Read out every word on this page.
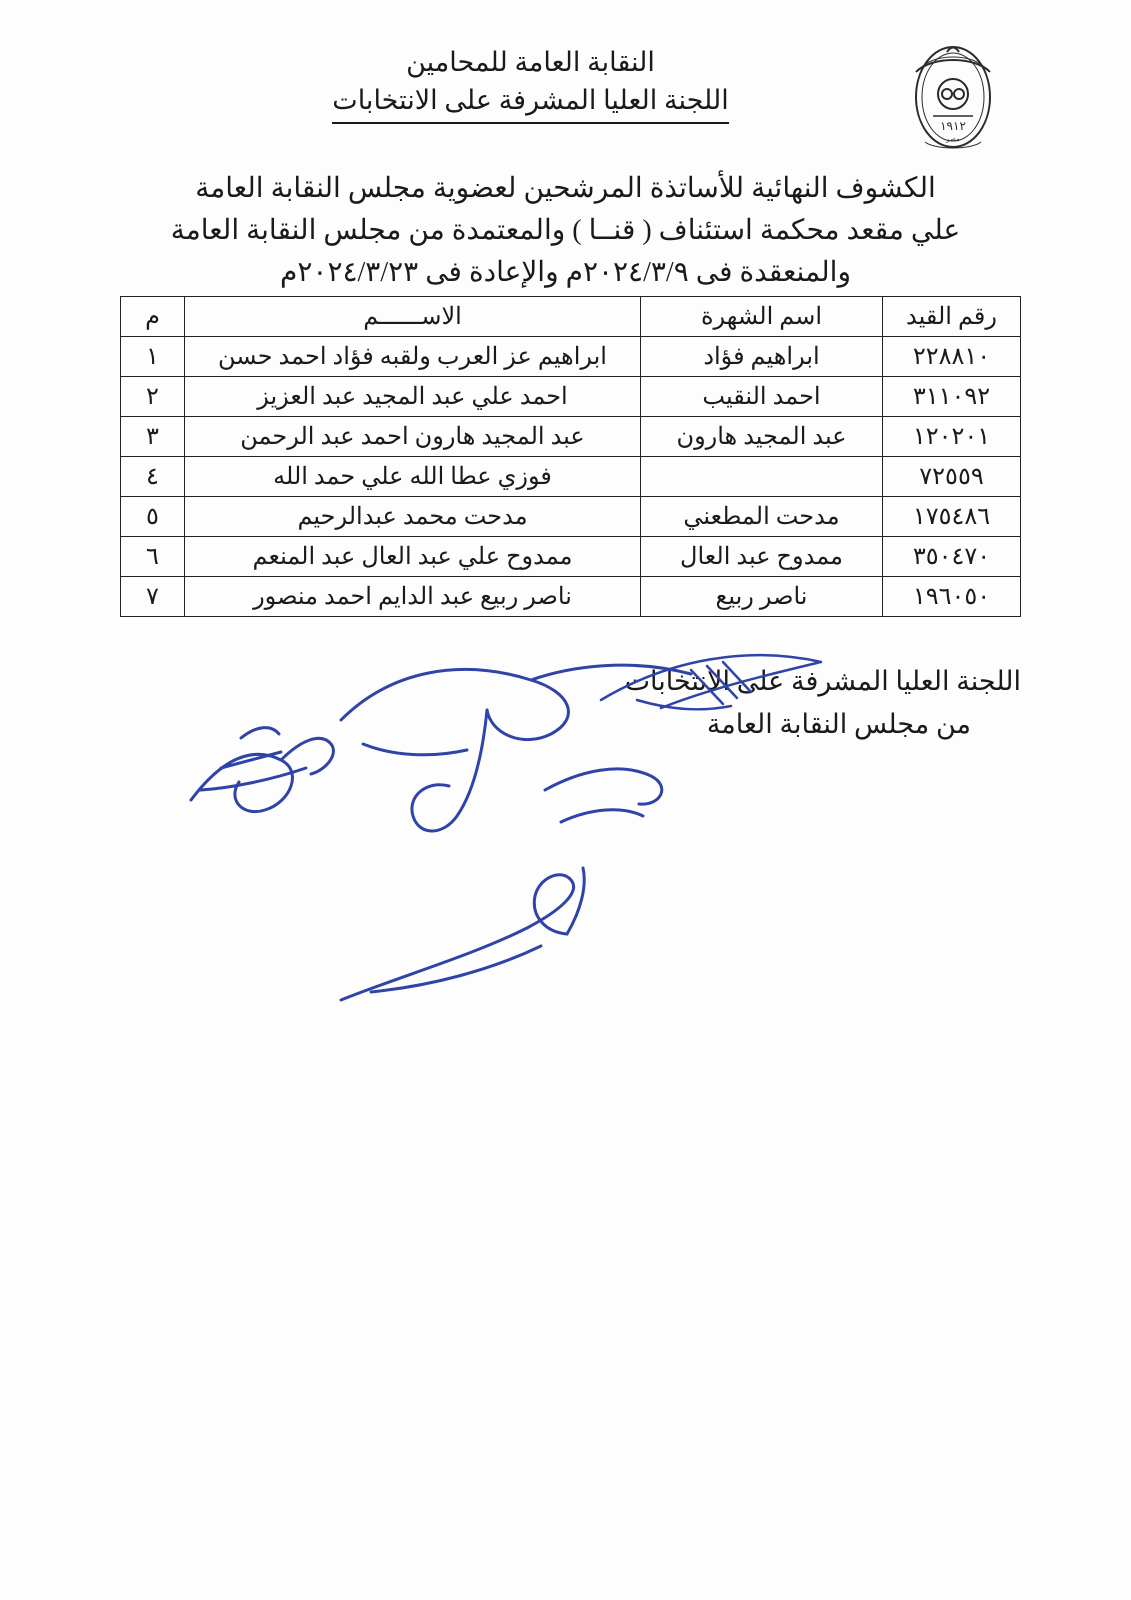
١٩١٢
مصر
النقابة العامة للمحامين
اللجنة العليا المشرفة على الانتخابات
الكشوف النهائية للأساتذة المرشحين لعضوية مجلس النقابة العامة
علي مقعد محكمة استئناف ( قنــا ) والمعتمدة من مجلس النقابة العامة
والمنعقدة فى ٢٠٢٤/٣/٩م والإعادة فى ٢٠٢٤/٣/٢٣م
رقم القيد	اسم الشهرة	الاســــــم	م
٢٢٨٨١٠	ابراهيم فؤاد	ابراهيم عز العرب ولقبه فؤاد احمد حسن	١
٣١١٠٩٢	احمد النقيب	احمد علي عبد المجيد عبد العزيز	٢
١٢٠٢٠١	عبد المجيد هارون	عبد المجيد هارون احمد عبد الرحمن	٣
٧٢٥٥٩		فوزي عطا الله علي حمد الله	٤
١٧٥٤٨٦	مدحت المطعني	مدحت محمد عبدالرحيم	٥
٣٥٠٤٧٠	ممدوح عبد العال	ممدوح علي عبد العال عبد المنعم	٦
١٩٦٠٥٠	ناصر ربيع	ناصر ربيع عبد الدايم احمد منصور	٧
اللجنة العليا المشرفة على الانتخابات
من مجلس النقابة العامة
